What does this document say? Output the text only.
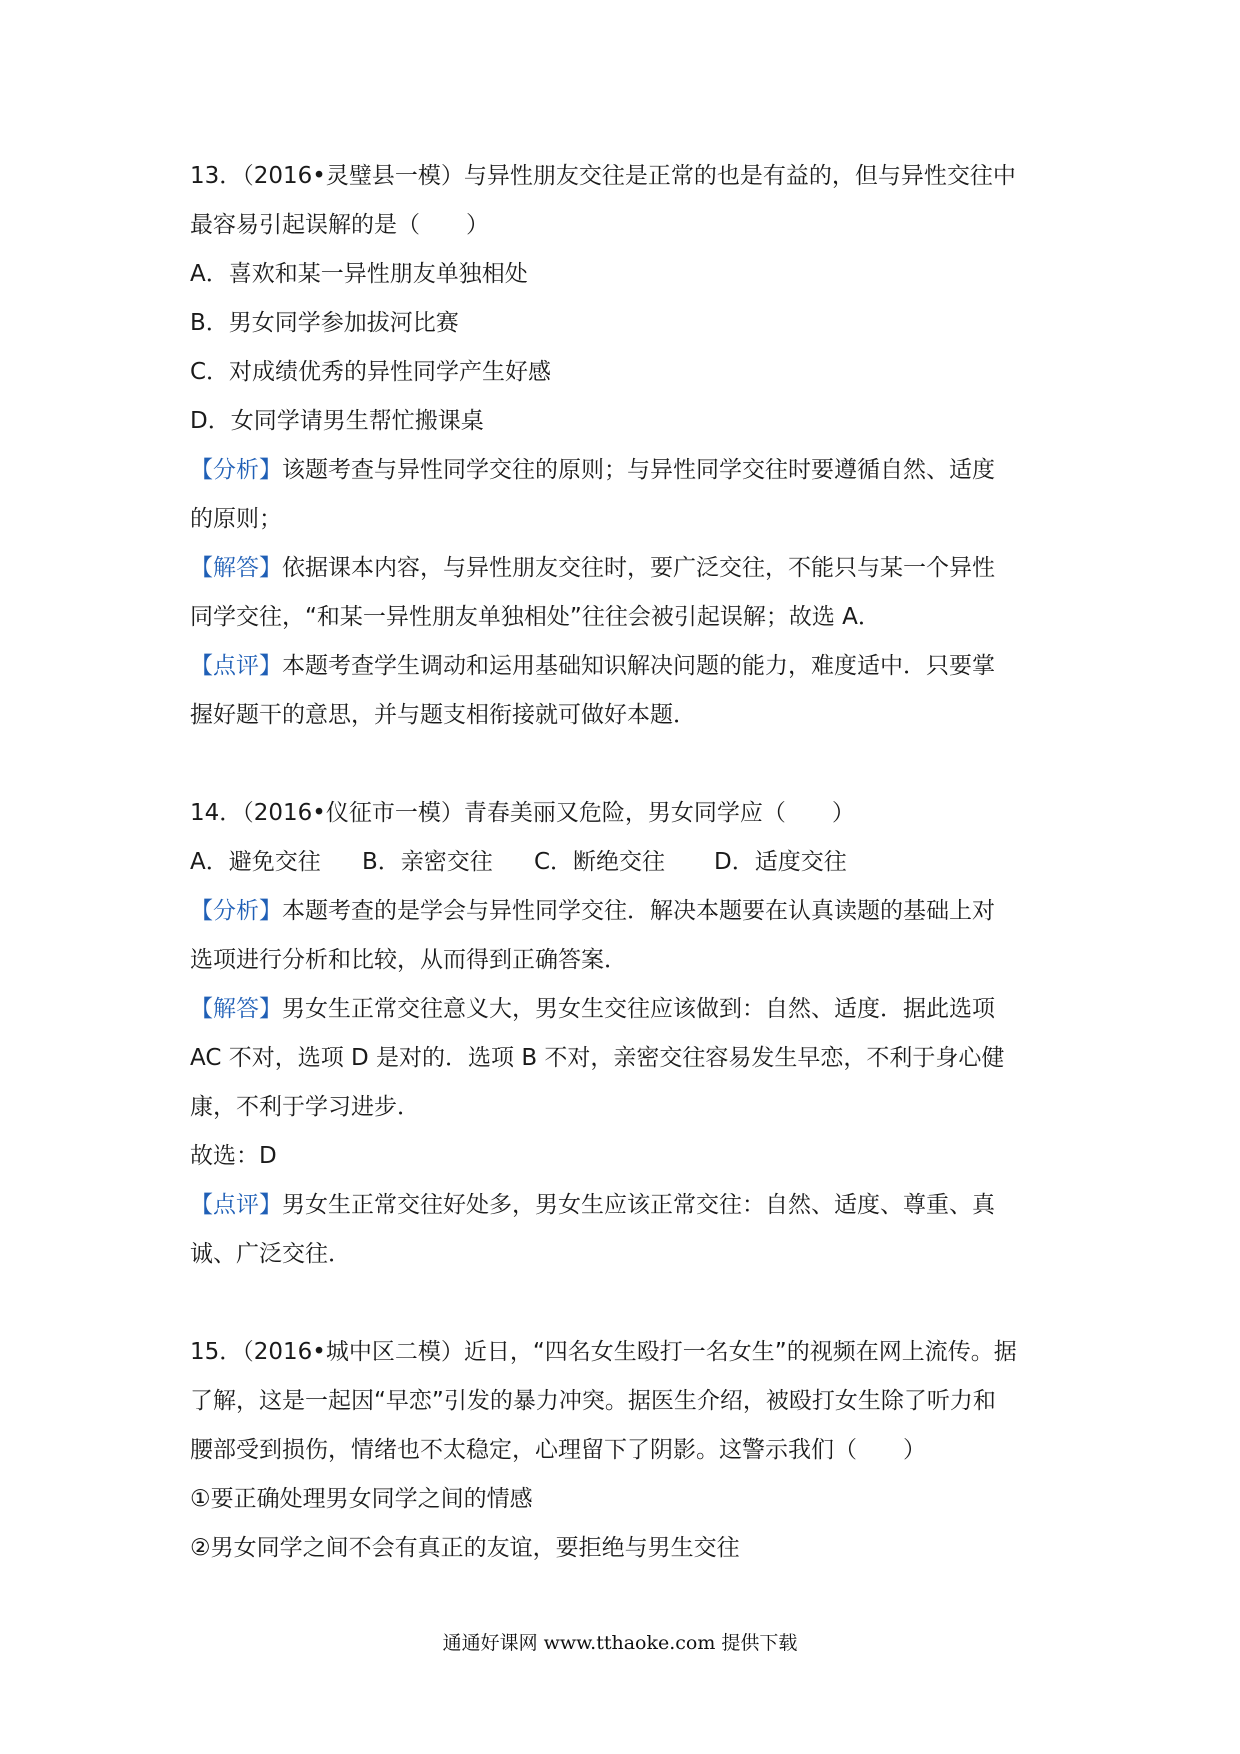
13．（2016•灵璧县一模）与异性朋友交往是正常的也是有益的，但与异性交往中
最容易引起误解的是（　　）
A．喜欢和某一异性朋友单独相处
B．男女同学参加拔河比赛
C．对成绩优秀的异性同学产生好感
D．女同学请男生帮忙搬课桌
【分析】该题考查与异性同学交往的原则；与异性同学交往时要遵循自然、适度
的原则；
【解答】依据课本内容，与异性朋友交往时，要广泛交往，不能只与某一个异性
同学交往，“和某一异性朋友单独相处”往往会被引起误解；故选 A．
【点评】本题考查学生调动和运用基础知识解决问题的能力，难度适中．只要掌
握好题干的意思，并与题支相衔接就可做好本题．
14．（2016•仪征市一模）青春美丽又危险，男女同学应（　　）
A．避免交往 B．亲密交往 C．断绝交往 D．适度交往
【分析】本题考查的是学会与异性同学交往．解决本题要在认真读题的基础上对
选项进行分析和比较，从而得到正确答案．
【解答】男女生正常交往意义大，男女生交往应该做到：自然、适度．据此选项
AC 不对，选项 D 是对的．选项 B 不对，亲密交往容易发生早恋，不利于身心健
康，不利于学习进步．
故选：D
【点评】男女生正常交往好处多，男女生应该正常交往：自然、适度、尊重、真
诚、广泛交往．
15．（2016•城中区二模）近日，“四名女生殴打一名女生”的视频在网上流传。据
了解，这是一起因“早恋”引发的暴力冲突。据医生介绍，被殴打女生除了听力和
腰部受到损伤，情绪也不太稳定，心理留下了阴影。这警示我们（　　）
①要正确处理男女同学之间的情感
②男女同学之间不会有真正的友谊，要拒绝与男生交往
通通好课网 www.tthaoke.com 提供下载
